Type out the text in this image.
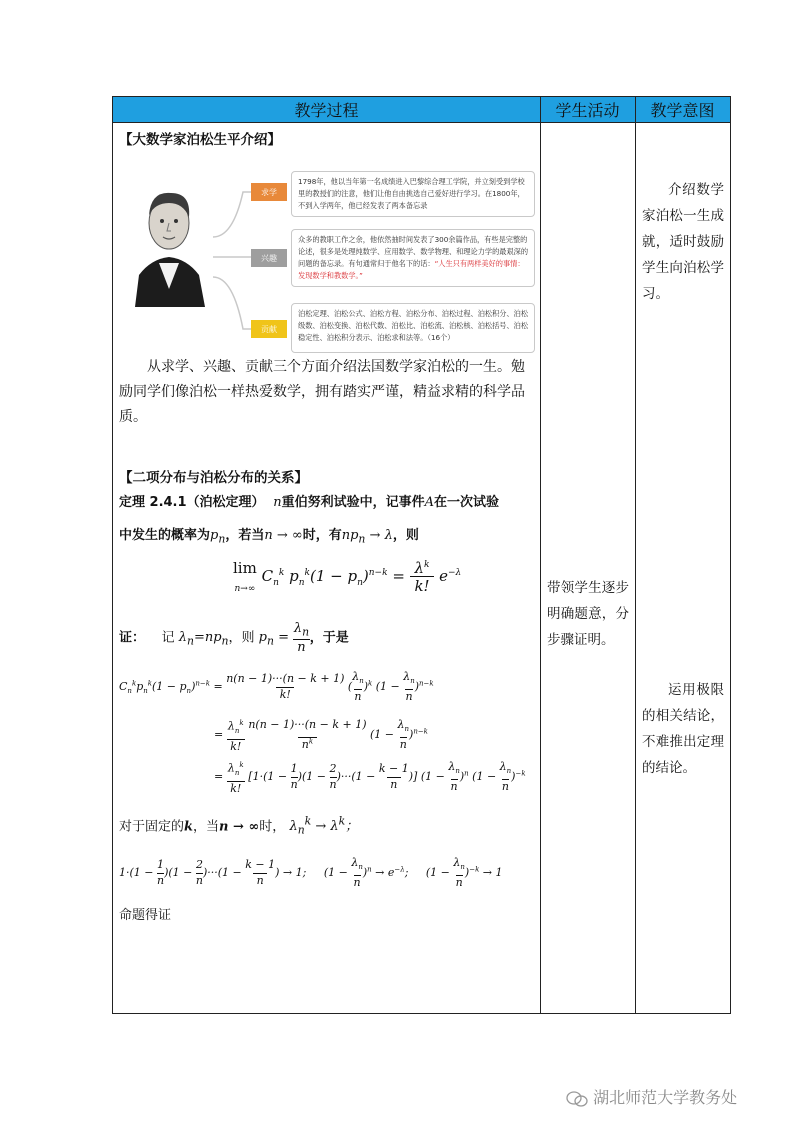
教学过程	学生活动	教学意图
【大数学家泊松生平介绍】
求学
1798年，他以当年第一名成绩进入巴黎综合理工学院，并立刻受到学校里的教授们的注意，他们让他自由挑选自己爱好进行学习。在1800年，不到入学两年，他已经发表了两本备忘录
兴趣
众多的教职工作之余，他依然抽时间发表了300余篇作品，有些是完整的论述，很多是处理纯数学、应用数学、数学物理、和理论力学的最艰深的问题的备忘录。有句通常归于他名下的话：“人生只有两样美好的事情：发现数学和教数学。”
贡献
泊松定理、泊松公式、泊松方程、泊松分布、泊松过程、泊松积分、泊松级数、泊松变换、泊松代数、泊松比、泊松流、泊松核、泊松括号、泊松稳定性、泊松积分表示、泊松求和法等。（16个）
从求学、兴趣、贡献三个方面介绍法国数学家泊松的一生。勉励同学们像泊松一样热爱数学，拥有踏实严谨，精益求精的科学品质。
【二项分布与泊松分布的关系】
定理 2.4.1（泊松定理）  n重伯努利试验中，记事件A在一次试验
中发生的概率为$p_n$，若当n → ∞时，有$np_n \to \lambda$，则
lim
n→∞ $C_n^k$ $p_n^k(1 - p_n)^{n-k} = \frac{\lambda^k}{k!} e^{-\lambda}$
证： 记 $\lambda_n=np_n$，则 $p_n = \lambda_n$
n ，于是
$C_n^kp_n^k(1 - p_n)^{n-k} = n(n - 1)\cdot\cdot\cdot(n - k + 1)$
k!  ($\lambda_n$
n)$^k$ ($1 - \lambda_n$
n)$^{n-k}$
= $\lambda_n^k$
k!  n(n − 1)···(n − k + 1)
$n^k$  ($1 - \lambda_n$
n)$^{n-k}$
= $\lambda_n^k$
k!  [1·(1 − 1
n)(1 − 2
n)···(1 − k − 1
n )] ($1 - \lambda_n$
n)$^n$ ($1 - \lambda_n$
n)$^{-k}$
对于固定的k，当n → ∞时， $\lambda_n^k \to \lambda^k$；
1·(1 − 1
n)(1 − 2
n)···(1 − k − 1
n ) → 1;     ($1 - \lambda_n$
$n)^n \to e^{-\lambda}$;     ($1 - \lambda_n$
n)$^{-k}$ → 1
命题得证
带领学生逐步明确题意，分步骤证明。
介绍数学家泊松一生成就，适时鼓励学生向泊松学习。
运用极限的相关结论，不难推出定理的结论。
湖北师范大学教务处
